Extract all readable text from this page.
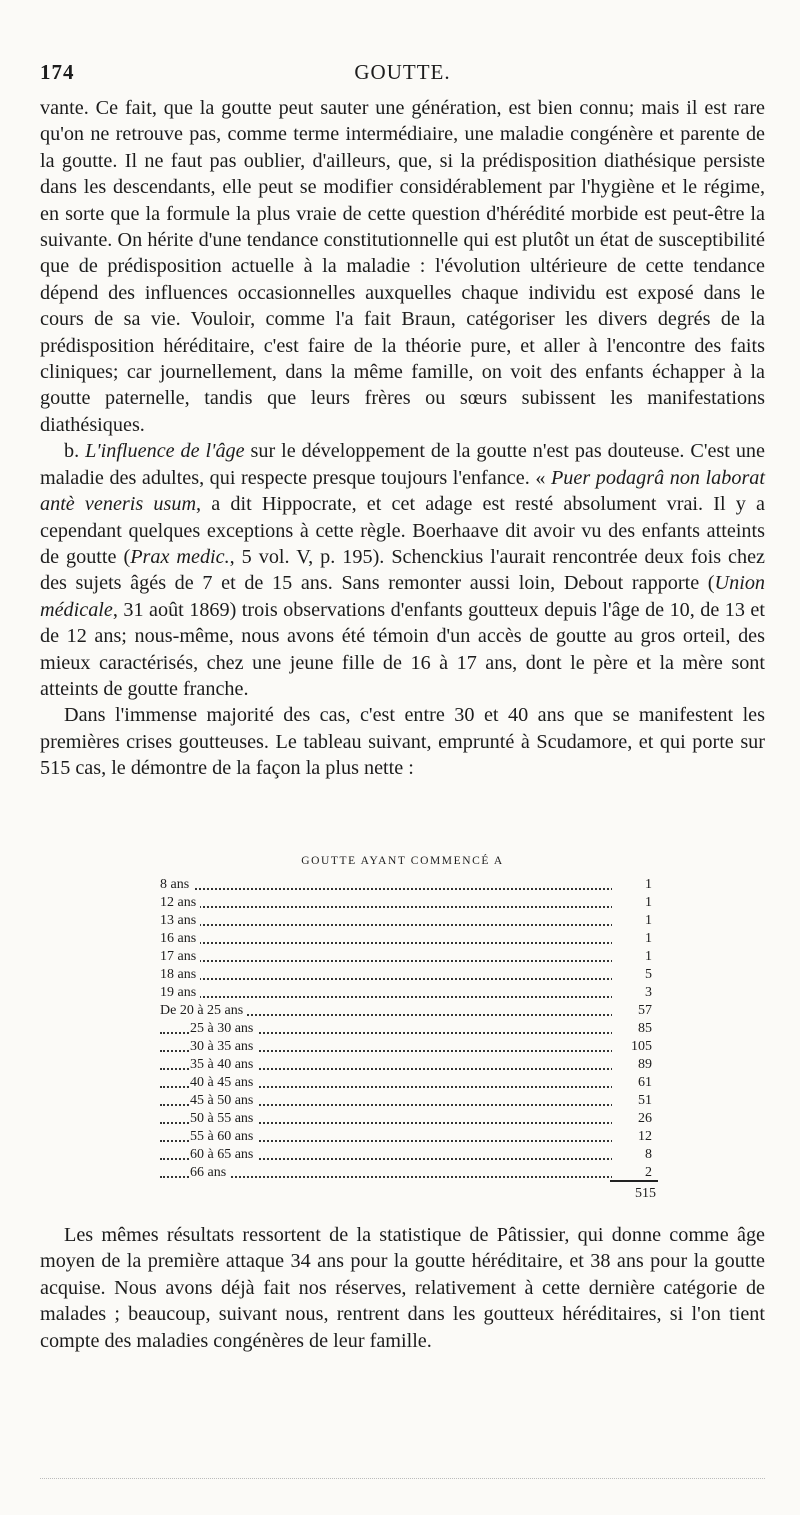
174	GOUTTE.

vante. Ce fait, que la goutte peut sauter une génération, est bien connu; mais il est rare qu'on ne retrouve pas, comme terme intermédiaire, une maladie congénère et parente de la goutte. Il ne faut pas oublier, d'ailleurs, que, si la prédisposition diathésique persiste dans les descendants, elle peut se modifier considérablement par l'hygiène et le régime, en sorte que la formule la plus vraie de cette question d'hérédité morbide est peut-être la suivante. On hérite d'une tendance constitutionnelle qui est plutôt un état de susceptibilité que de prédisposition actuelle à la maladie : l'évolution ultérieure de cette tendance dépend des influences occasionnelles auxquelles chaque individu est exposé dans le cours de sa vie. Vouloir, comme l'a fait Braun, catégoriser les divers degrés de la prédisposition héréditaire, c'est faire de la théorie pure, et aller à l'encontre des faits cliniques; car journellement, dans la même famille, on voit des enfants échapper à la goutte paternelle, tandis que leurs frères ou sœurs subissent les manifestations diathésiques.

b. L'influence de l'âge sur le développement de la goutte n'est pas douteuse. C'est une maladie des adultes, qui respecte presque toujours l'enfance. « Puer podagrâ non laborat antè veneris usum, a dit Hippocrate, et cet adage est resté absolument vrai. Il y a cependant quelques exceptions à cette règle. Boerhaave dit avoir vu des enfants atteints de goutte (Prax medic., 5 vol. V, p. 195). Schenckius l'aurait rencontrée deux fois chez des sujets âgés de 7 et de 15 ans. Sans remonter aussi loin, Debout rapporte (Union médicale, 31 août 1869) trois observations d'enfants goutteux depuis l'âge de 10, de 13 et de 12 ans; nous-même, nous avons été témoin d'un accès de goutte au gros orteil, des mieux caractérisés, chez une jeune fille de 16 à 17 ans, dont le père et la mère sont atteints de goutte franche.

Dans l'immense majorité des cas, c'est entre 30 et 40 ans que se manifestent les premières crises goutteuses. Le tableau suivant, emprunté à Scudamore, et qui porte sur 515 cas, le démontre de la façon la plus nette :

GOUTTE AYANT COMMENCÉ A
8 ans	1
12 ans	1
13 ans	1
16 ans	1
17 ans	1
18 ans	5
19 ans	3
De 20 à 25 ans	57
25 à 30 ans	85
30 à 35 ans	105
35 à 40 ans	89
40 à 45 ans	61
45 à 50 ans	51
50 à 55 ans	26
55 à 60 ans	12
60 à 65 ans	8
66 ans	2
515

Les mêmes résultats ressortent de la statistique de Pâtissier, qui donne comme âge moyen de la première attaque 34 ans pour la goutte héréditaire, et 38 ans pour la goutte acquise. Nous avons déjà fait nos réserves, relativement à cette dernière catégorie de malades ; beaucoup, suivant nous, rentrent dans les goutteux héréditaires, si l'on tient compte des maladies congénères de leur famille.
